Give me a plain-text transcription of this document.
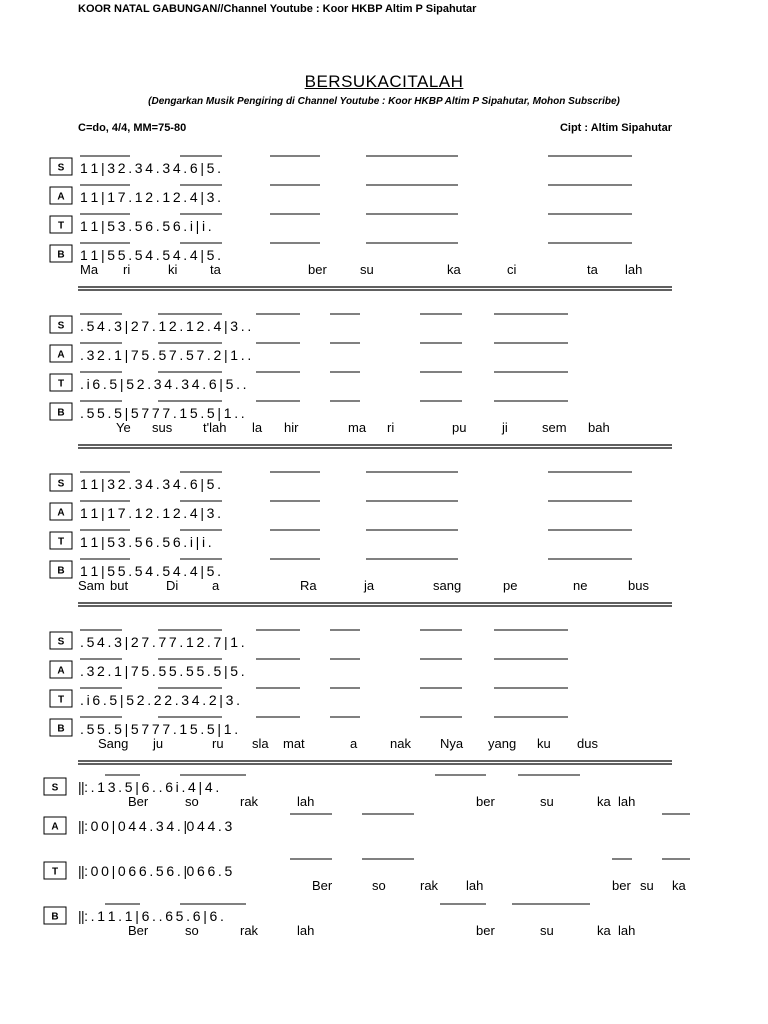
KOOR NATAL GABUNGAN//Channel Youtube : Koor HKBP Altim P Sipahutar
BERSUKACITALAH
(Dengarkan Musik Pengiring di Channel Youtube : Koor HKBP Altim P Sipahutar, Mohon Subscribe)
C=do, 4/4, MM=75-80	Cipt : Altim Sipahutar
S 1 1 | 3 2 . 3 4 . 3 4 . 6 | 5 .
A 1 1 | 1 7 . 1 2 . 1 2 . 4 | 3 .
T 1 1 | 5 3 . 5 6 . 5 6 . i | i .
B 1 1 | 5 5 . 5 4 . 5 4 . 4 | 5 .
Ma ri	ki	ta	ber	su	ka	ci	ta lah
S . 5 4 . 3 | 2 7 . 1 2 . 1 2 . 4 | 3 . .
A . 3 2 . 1 | 7 5 . 5 7 . 5 7 . 2 | 1 . .
T . i 6 . 5 | 5 2 . 3 4 . 3 4 . 6 | 5 . .
B . 5 5 . 5 | 5 7 7 7 . 1 5 . 5 | 1 . .
Ye sus t'lah la hir	ma ri	pu	ji	sem bah
S 1 1 | 3 2 . 3 4 . 3 4 . 6 | 5 .
A 1 1 | 1 7 . 1 2 . 1 2 . 4 | 3 .
T 1 1 | 5 3 . 5 6 . 5 6 . i | i .
B 1 1 | 5 5 . 5 4 . 5 4 . 4 | 5 .
Sam but	Di	a	Ra	ja	sang	pe	ne	bus
S . 5 4 . 3 | 2 7 . 7 7 . 1 2 . 7 | 1 .
A . 3 2 . 1 | 7 5 . 5 5 . 5 5 . 5 | 5 .
T . i 6 . 5 | 5 2 . 2 2 . 3 4 . 2 | 3 .
B . 5 5 . 5 | 5 7 7 7 . 1 5 . 5 | 1 .
Sang ju	ru sla mat	a	nak Nya yang ku dus
S ||: . 1 3 . 5 | 6 . . 6 i . 4 | 4 .
Ber	so	rak	lah	ber	su	ka lah
A ||: 0 0 | 0 4 4 . 3 4 . |0 4 4 . 3
T ||: 0 0 | 0 6 6 . 5 6 . |0 6 6 . 5
Ber	so	rak lah	ber su ka
B ||: . 1 1 . 1 | 6 . . 6 5 . 6 | 6 .
Ber	so	rak	lah	ber	su	ka lah
